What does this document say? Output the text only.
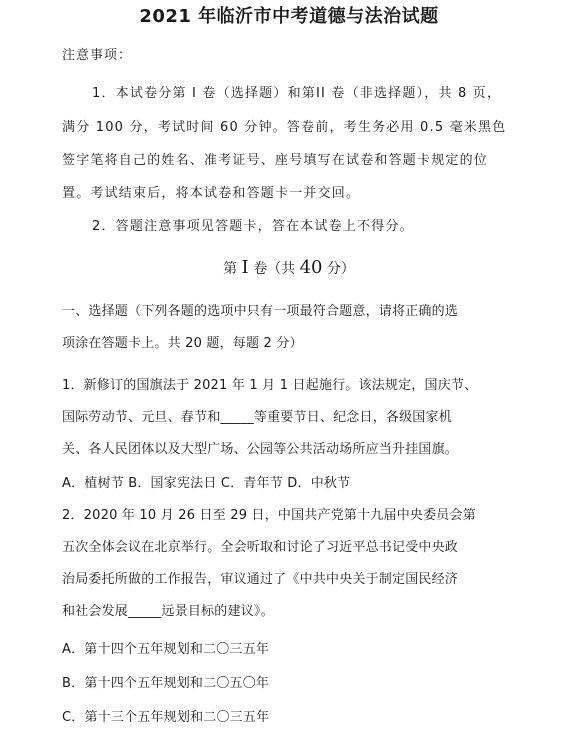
2021 年临沂市中考道德与法治试题
注意事项：
1．本试卷分第 I 卷（选择题）和第II 卷（非选择题），共 8 页，
满分 100 分，考试时间 60 分钟。答卷前，考生务必用 0.5 毫米黑色
签字笔将自己的姓名、准考证号、座号填写在试卷和答题卡规定的位
置。考试结束后，将本试卷和答题卡一并交回。
2．答题注意事项见答题卡，答在本试卷上不得分。
第 I 卷（共 40 分）
一、选择题（下列各题的选项中只有一项最符合题意，请将正确的选
项涂在答题卡上。共 20 题，每题 2 分）
1．新修订的国旗法于 2021 年 1 月 1 日起施行。该法规定，国庆节、
国际劳动节、元旦、春节和_____等重要节日、纪念日，各级国家机
关、各人民团体以及大型广场、公园等公共活动场所应当升挂国旗。
A．植树节 B．国家宪法日 C．青年节 D．中秋节
2．2020 年 10 月 26 日至 29 日，中国共产党第十九届中央委员会第
五次全体会议在北京举行。全会听取和讨论了习近平总书记受中央政
治局委托所做的工作报告，审议通过了《中共中央关于制定国民经济
和社会发展_____远景目标的建议》。
A．第十四个五年规划和二〇三五年
B．第十四个五年规划和二〇五〇年
C．第十三个五年规划和二〇三五年
